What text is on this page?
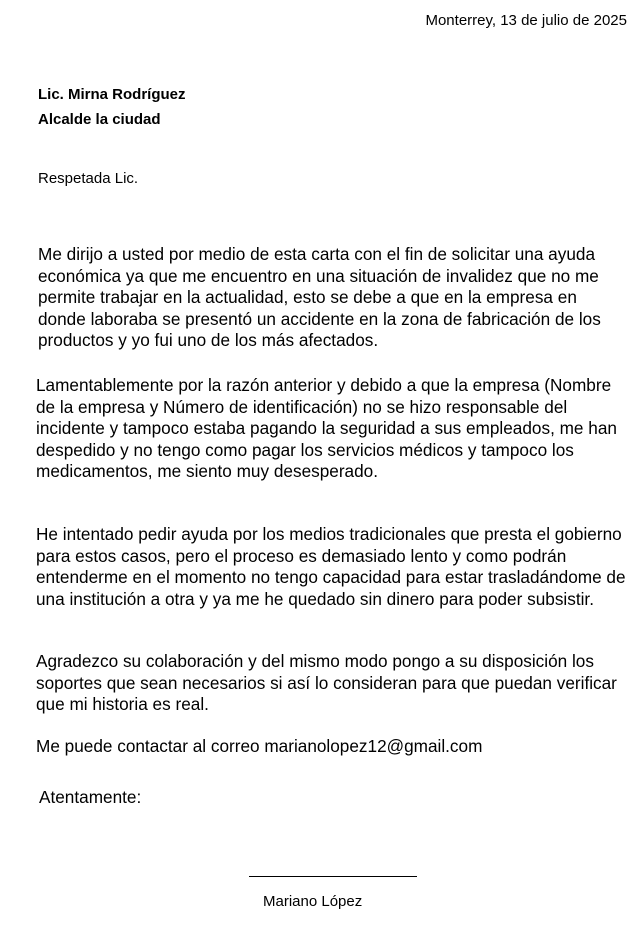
Monterrey, 13 de julio de 2025
Lic. Mirna Rodríguez
Alcalde la ciudad
Respetada Lic.

Me dirijo a usted por medio de esta carta con el fin de solicitar una ayuda económica ya que me encuentro en una situación de invalidez que no me permite trabajar en la actualidad, esto se debe a que en la empresa en donde laboraba se presentó un accidente en la zona de fabricación de los productos y yo fui uno de los más afectados.

Lamentablemente por la razón anterior y debido a que la empresa (Nombre de la empresa y Número de identificación) no se hizo responsable del incidente y tampoco estaba pagando la seguridad a sus empleados, me han despedido y no tengo como pagar los servicios médicos y tampoco los medicamentos, me siento muy desesperado.

He intentado pedir ayuda por los medios tradicionales que presta el gobierno para estos casos, pero el proceso es demasiado lento y como podrán entenderme en el momento no tengo capacidad para estar trasladándome de una institución a otra y ya me he quedado sin dinero para poder subsistir.

Agradezco su colaboración y del mismo modo pongo a su disposición los soportes que sean necesarios si así lo consideran para que puedan verificar que mi historia es real.

Me puede contactar al correo marianolopez12@gmail.com

Atentamente:
Mariano López
